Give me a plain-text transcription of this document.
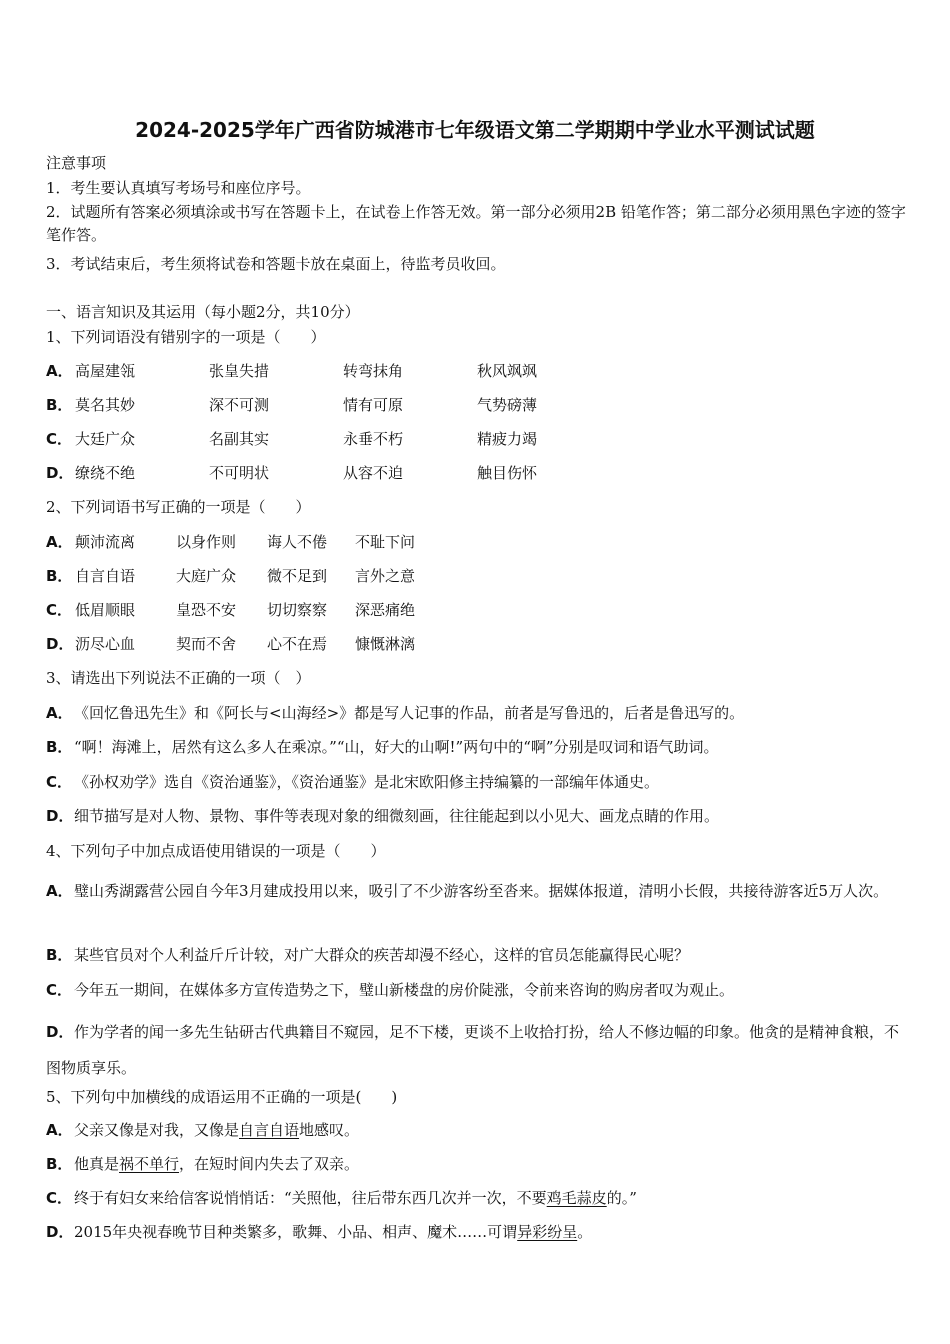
2024-2025学年广西省防城港市七年级语文第二学期期中学业水平测试试题
注意事项
1．考生要认真填写考场号和座位序号。
2．试题所有答案必须填涂或书写在答题卡上，在试卷上作答无效。第一部分必须用2B 铅笔作答；第二部分必须用黑色字迹的签字笔作答。
3．考试结束后，考生须将试卷和答题卡放在桌面上，待监考员收回。
一、语言知识及其运用（每小题2分，共10分）
1、下列词语没有错别字的一项是（　　）
A． 高屋建瓴	张皇失措	转弯抹角	秋风飒飒
B． 莫名其妙	深不可测	情有可原	气势磅薄
C． 大廷广众	名副其实	永垂不朽	精疲力竭
D． 缭绕不绝	不可明状	从容不迫	触目伤怀
2、下列词语书写正确的一项是（　　）
A． 颠沛流离	以身作则 诲人不倦 不耻下问
B． 自言自语	大庭广众 微不足到 言外之意
C． 低眉顺眼	皇恐不安 切切察察 深恶痛绝
D． 沥尽心血	契而不舍 心不在焉 慷慨淋漓
3、请选出下列说法不正确的一项（　）
A．《回忆鲁迅先生》和《阿长与<山海经>》都是写人记事的作品，前者是写鲁迅的，后者是鲁迅写的。
B． “啊！海滩上，居然有这么多人在乘凉。”“山，好大的山啊!”两句中的“啊”分别是叹词和语气助词。
C． 《孙权劝学》选自《资治通鉴》，《资治通鉴》是北宋欧阳修主持编纂的一部编年体通史。
D．细节描写是对人物、景物、事件等表现对象的细微刻画，往往能起到以小见大、画龙点睛的作用。
4、下列句子中加点成语使用错误的一项是（　　）
A．璧山秀湖露营公园自今年3月建成投用以来，吸引了不少游客纷至沓来。据媒体报道，清明小长假，共接待游客近5万人次。
B． 某些官员对个人利益斤斤计较，对广大群众的疾苦却漫不经心，这样的官员怎能赢得民心呢？
C． 今年五一期间，在媒体多方宣传造势之下，璧山新楼盘的房价陡涨，令前来咨询的购房者叹为观止。
D．作为学者的闻一多先生钻研古代典籍目不窥园，足不下楼，更谈不上收拾打扮，给人不修边幅的印象。他贪的是精神食粮，不图物质享乐。
5、下列句中加横线的成语运用不正确的一项是(　　)
A．父亲又像是对我，又像是自言自语地感叹。
B． 他真是祸不单行，在短时间内失去了双亲。
C． 终于有妇女来给信客说悄悄话：“关照他，往后带东西几次并一次，不要鸡毛蒜皮的。”
D．2015年央视春晚节目种类繁多，歌舞、小品、相声、魔术……可谓异彩纷呈。
